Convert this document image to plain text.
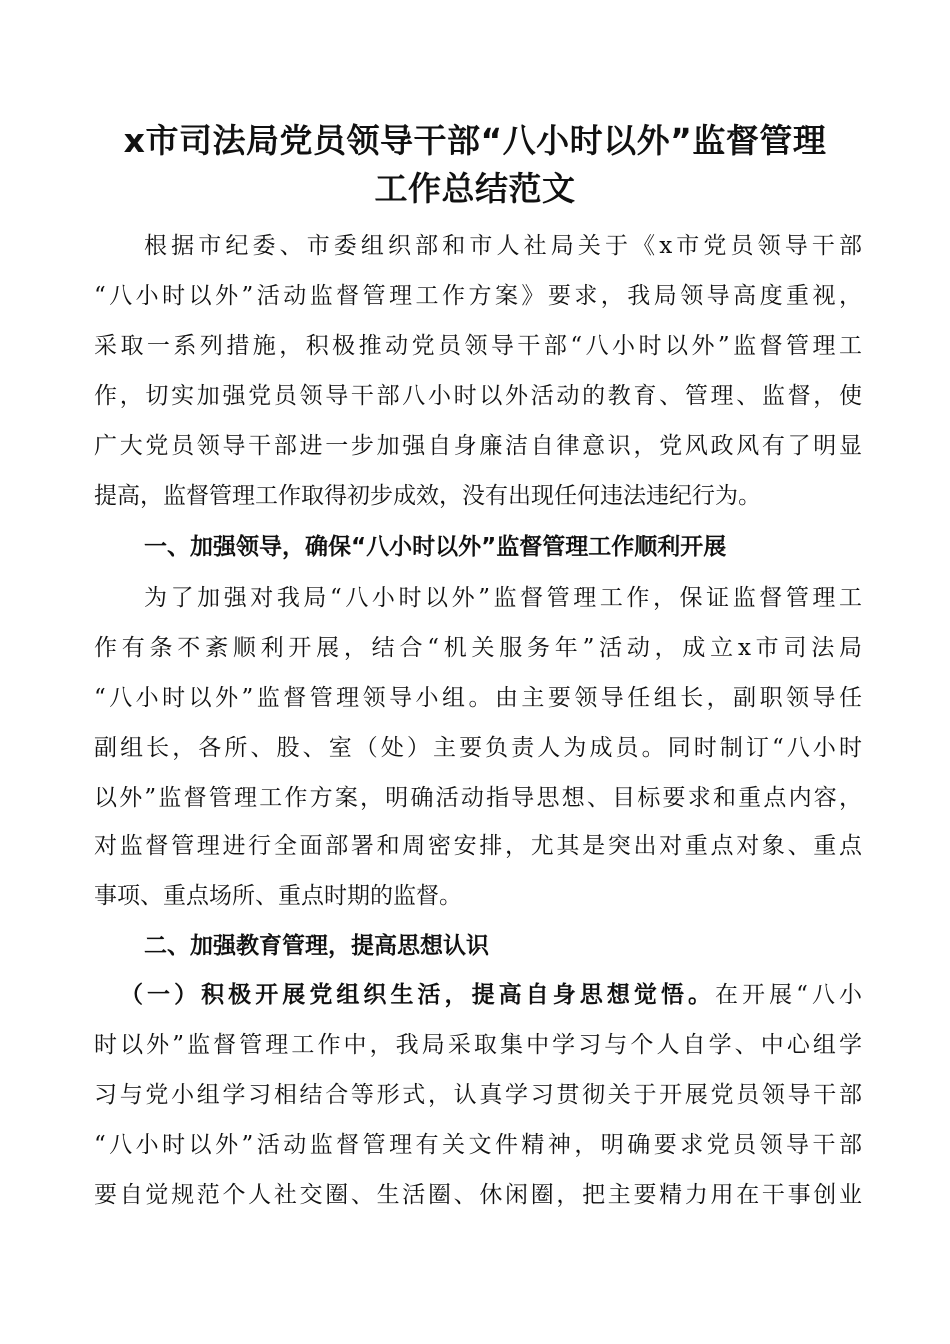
x市司法局党员领导干部“八小时以外”监督管理
工作总结范文
根据市纪委、市委组织部和市人社局关于《x市党员领导干部
“八小时以外”活动监督管理工作方案》要求，我局领导高度重视，
采取一系列措施，积极推动党员领导干部“八小时以外”监督管理工
作，切实加强党员领导干部八小时以外活动的教育、管理、监督，使
广大党员领导干部进一步加强自身廉洁自律意识，党风政风有了明显
提高，监督管理工作取得初步成效，没有出现任何违法违纪行为。
一、加强领导，确保“八小时以外”监督管理工作顺利开展
为了加强对我局“八小时以外”监督管理工作，保证监督管理工
作有条不紊顺利开展，结合“机关服务年”活动，成立x市司法局
“八小时以外”监督管理领导小组。由主要领导任组长，副职领导任
副组长，各所、股、室（处）主要负责人为成员。同时制订“八小时
以外”监督管理工作方案，明确活动指导思想、目标要求和重点内容，
对监督管理进行全面部署和周密安排，尤其是突出对重点对象、重点
事项、重点场所、重点时期的监督。
二、加强教育管理，提高思想认识
（一）积极开展党组织生活，提高自身思想觉悟。在开展“八小
时以外”监督管理工作中，我局采取集中学习与个人自学、中心组学
习与党小组学习相结合等形式，认真学习贯彻关于开展党员领导干部
“八小时以外”活动监督管理有关文件精神，明确要求党员领导干部
要自觉规范个人社交圈、生活圈、休闲圈，把主要精力用在干事创业
